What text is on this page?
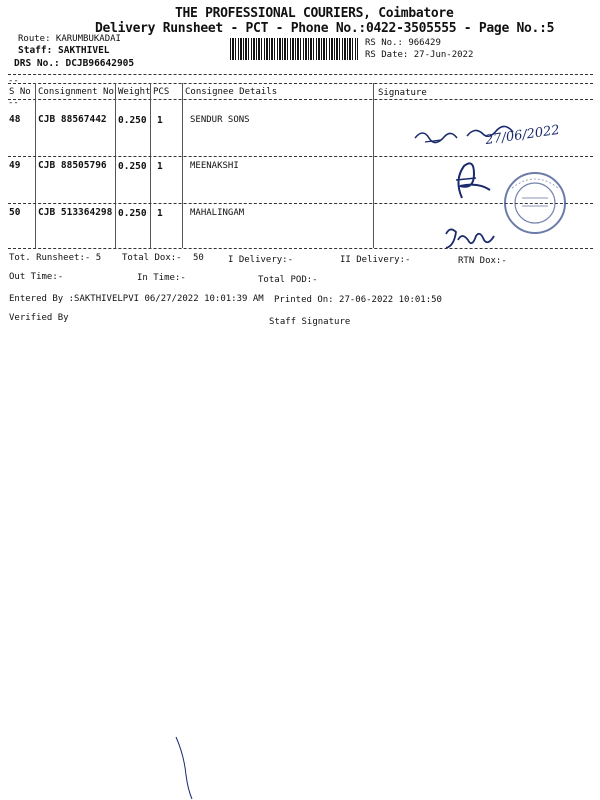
THE PROFESSIONAL COURIERS, Coimbatore
Delivery Runsheet - PCT - Phone No.:0422-3505555 - Page No.:5
Route: KARUMBUKADAI
Staff: SAKTHIVEL
DRS No.: DCJB96642905
RS No.: 966429
RS Date: 27-Jun-2022
--
--
S No Consignment No Weight PCS Consignee Details	Signature
48 CJB 88567442 0.250 1	SENDUR SONS
49 CJB 88505796 0.250 1	MEENAKSHI
50 CJB 513364298 0.250 1	MAHALINGAM
27/06/2022
Tot. Runsheet:- 5 Total Dox:- 50	I Delivery:-	II Delivery:-	RTN Dox:-
Out Time:-	In Time:-	Total POD:-
Entered By :SAKTHIVELPVI 06/27/2022 10:01:39 AM Printed On: 27-06-2022 10:01:50
Verified By	Staff Signature
